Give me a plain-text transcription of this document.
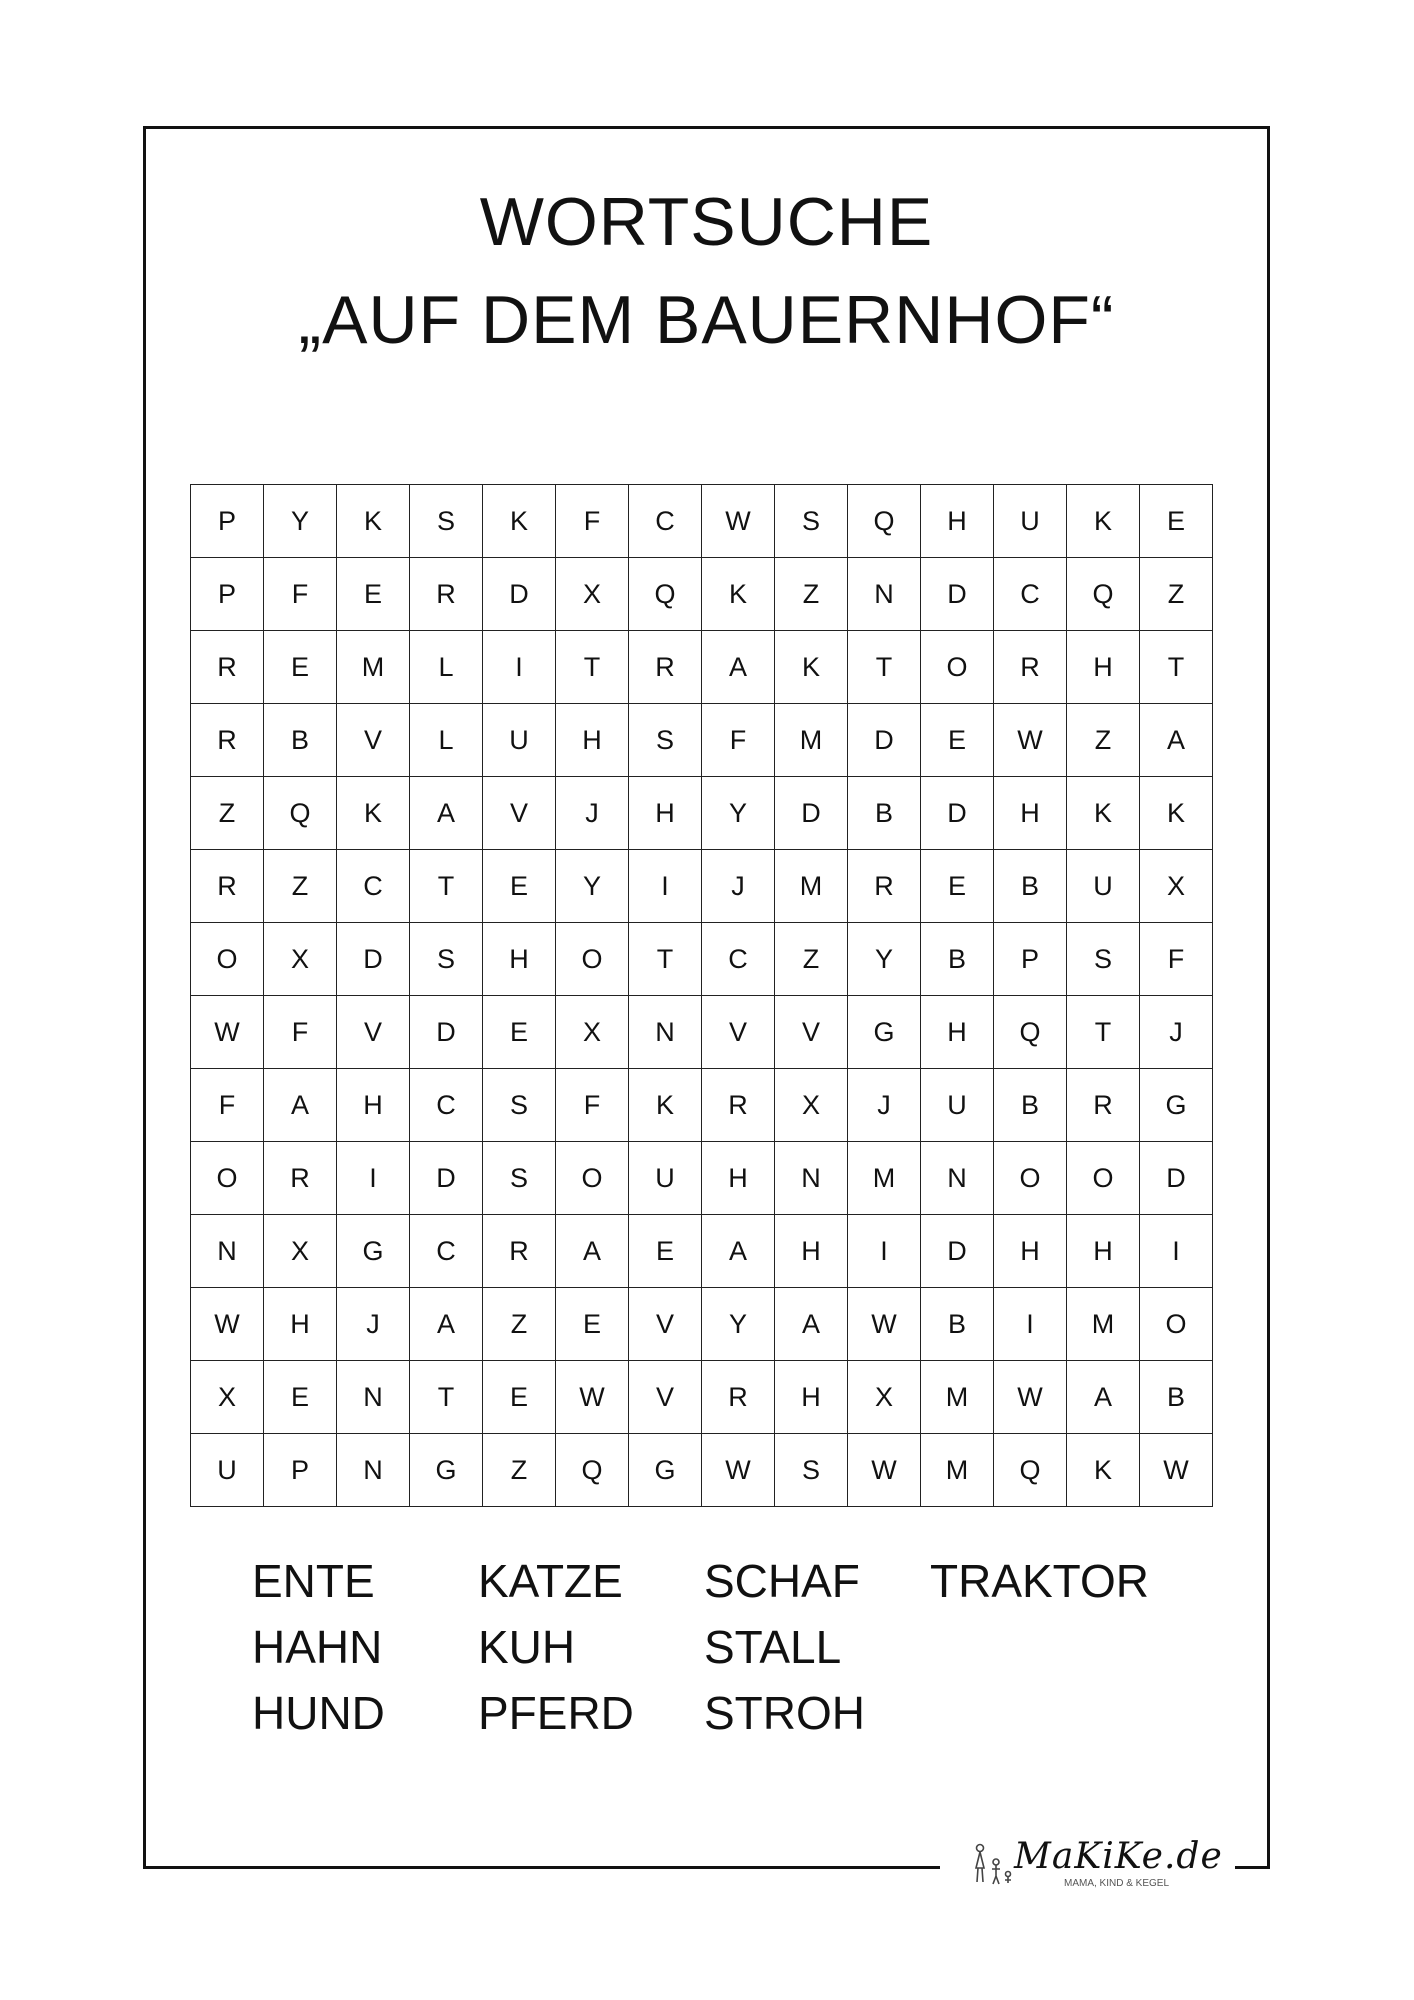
WORTSUCHE
„AUF DEM BAUERNHOF“
P	Y	K	S	K	F	C	W	S	Q	H	U	K	E
P	F	E	R	D	X	Q	K	Z	N	D	C	Q	Z
R	E	M	L	I	T	R	A	K	T	O	R	H	T
R	B	V	L	U	H	S	F	M	D	E	W	Z	A
Z	Q	K	A	V	J	H	Y	D	B	D	H	K	K
R	Z	C	T	E	Y	I	J	M	R	E	B	U	X
O	X	D	S	H	O	T	C	Z	Y	B	P	S	F
W	F	V	D	E	X	N	V	V	G	H	Q	T	J
F	A	H	C	S	F	K	R	X	J	U	B	R	G
O	R	I	D	S	O	U	H	N	M	N	O	O	D
N	X	G	C	R	A	E	A	H	I	D	H	H	I
W	H	J	A	Z	E	V	Y	A	W	B	I	M	O
X	E	N	T	E	W	V	R	H	X	M	W	A	B
U	P	N	G	Z	Q	G	W	S	W	M	Q	K	W
ENTE
HAHN
HUND
KATZE
KUH
PFERD
SCHAF
STALL
STROH
TRAKTOR
MaKiKe.de
MAMA, KIND & KEGEL
